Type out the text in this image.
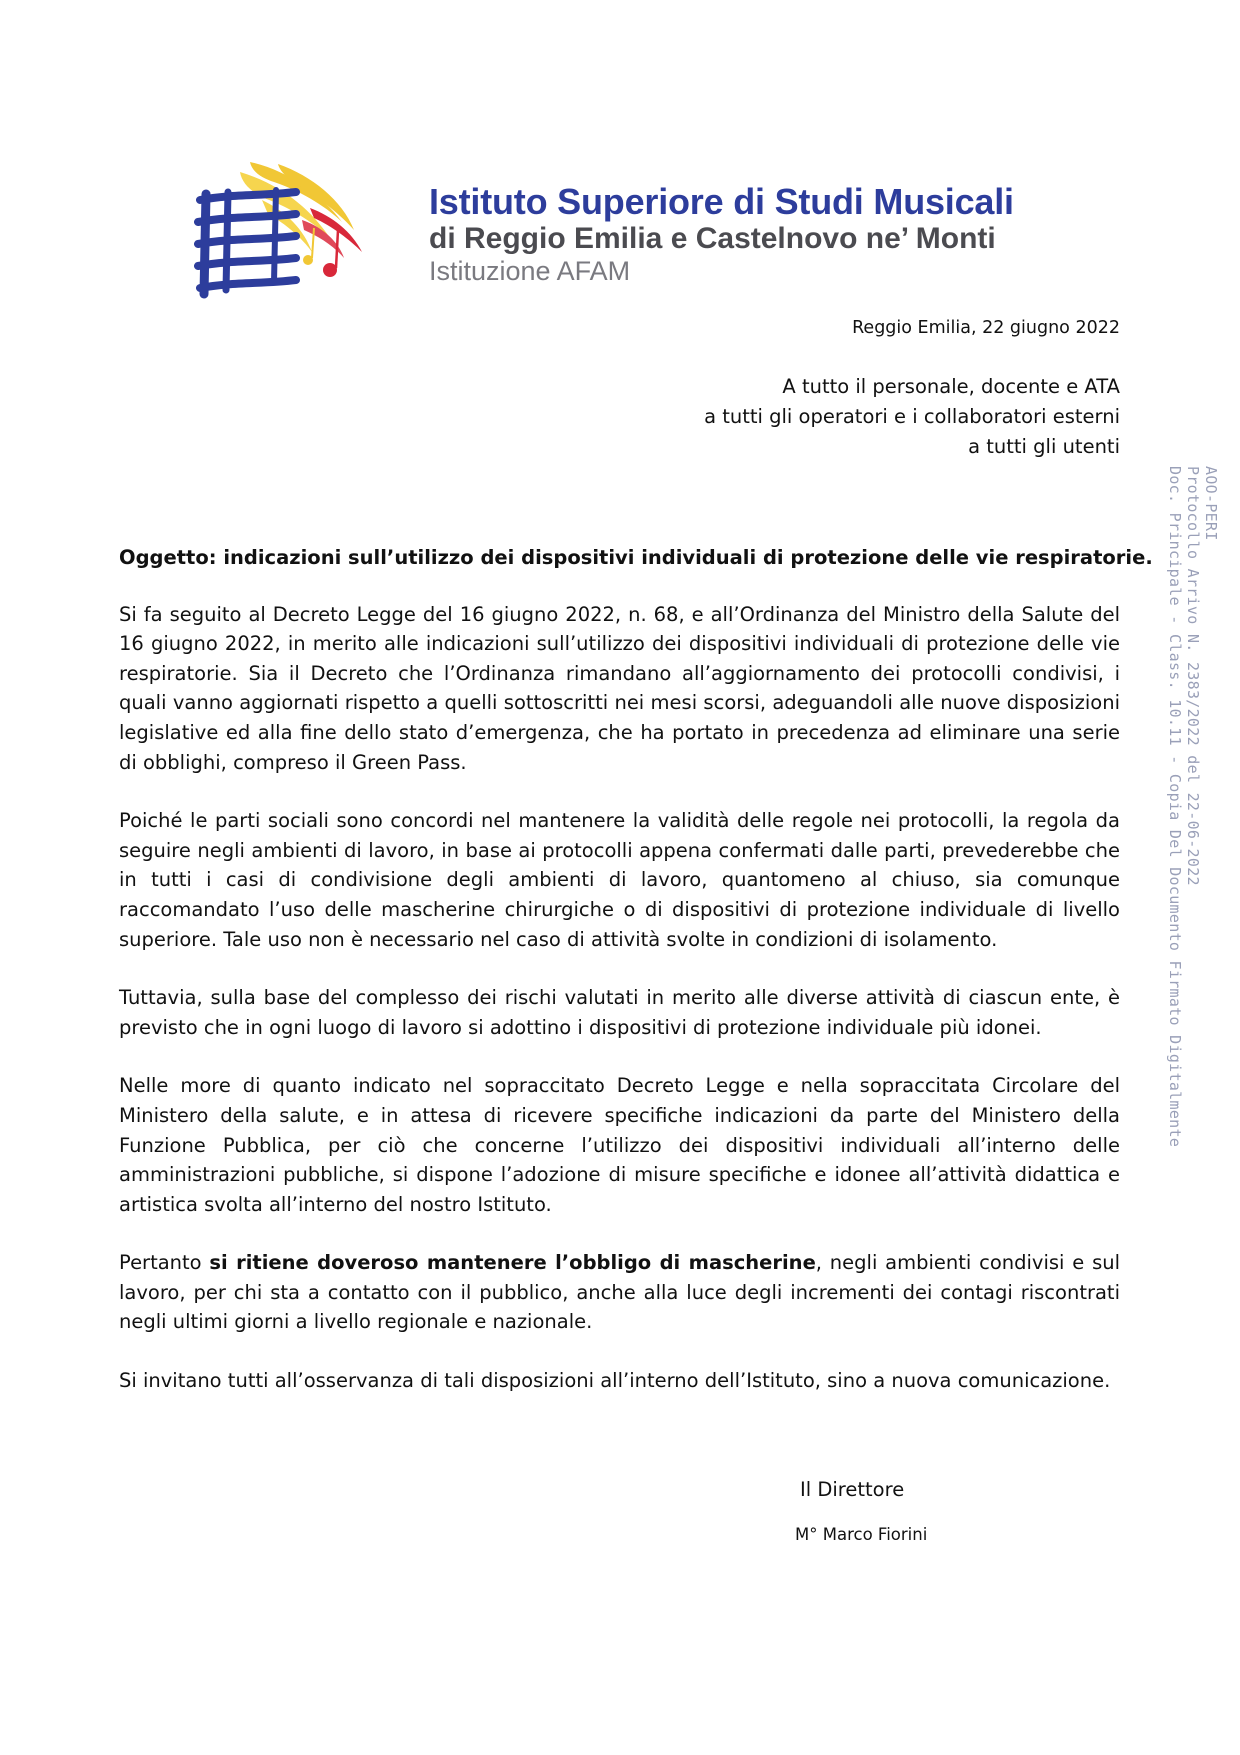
Istituto Superiore di Studi Musicali
di Reggio Emilia e Castelnovo ne’ Monti
Istituzione AFAM
Reggio Emilia, 22 giugno 2022
A tutto il personale, docente e ATA
a tutti gli operatori e i collaboratori esterni
a tutti gli utenti

Oggetto: indicazioni sull’utilizzo dei dispositivi individuali di protezione delle vie respiratorie.

Si fa seguito al Decreto Legge del 16 giugno 2022, n. 68, e all’Ordinanza del Ministro della Salute del 16 giugno 2022, in merito alle indicazioni sull’utilizzo dei dispositivi individuali di protezione delle vie respiratorie. Sia il Decreto che l’Ordinanza rimandano all’aggiornamento dei protocolli condivisi, i quali vanno aggiornati rispetto a quelli sottoscritti nei mesi scorsi, adeguandoli alle nuove disposizioni legislative ed alla fine dello stato d’emergenza, che ha portato in precedenza ad eliminare una serie di obblighi, compreso il Green Pass.

Poiché le parti sociali sono concordi nel mantenere la validità delle regole nei protocolli, la regola da seguire negli ambienti di lavoro, in base ai protocolli appena confermati dalle parti, prevederebbe che in tutti i casi di condivisione degli ambienti di lavoro, quantomeno al chiuso, sia comunque raccomandato l’uso delle mascherine chirurgiche o di dispositivi di protezione individuale di livello superiore. Tale uso non è necessario nel caso di attività svolte in condizioni di isolamento.

Tuttavia, sulla base del complesso dei rischi valutati in merito alle diverse attività di ciascun ente, è previsto che in ogni luogo di lavoro si adottino i dispositivi di protezione individuale più idonei.

Nelle more di quanto indicato nel sopraccitato Decreto Legge e nella sopraccitata Circolare del Ministero della salute, e in attesa di ricevere specifiche indicazioni da parte del Ministero della Funzione Pubblica, per ciò che concerne l’utilizzo dei dispositivi individuali all’interno delle amministrazioni pubbliche, si dispone l’adozione di misure specifiche e idonee all’attività didattica e artistica svolta all’interno del nostro Istituto.

Pertanto si ritiene doveroso mantenere l’obbligo di mascherine, negli ambienti condivisi e sul lavoro, per chi sta a contatto con il pubblico, anche alla luce degli incrementi dei contagi riscontrati negli ultimi giorni a livello regionale e nazionale.

Si invitano tutti all’osservanza di tali disposizioni all’interno dell’Istituto, sino a nuova comunicazione.

Il Direttore
M° Marco Fiorini
AOO-PERI
Protocollo Arrivo N. 2383/2022 del 22-06-2022
Doc. Principale - Class. 10.11 - Copia Del Documento Firmato Digitalmente
